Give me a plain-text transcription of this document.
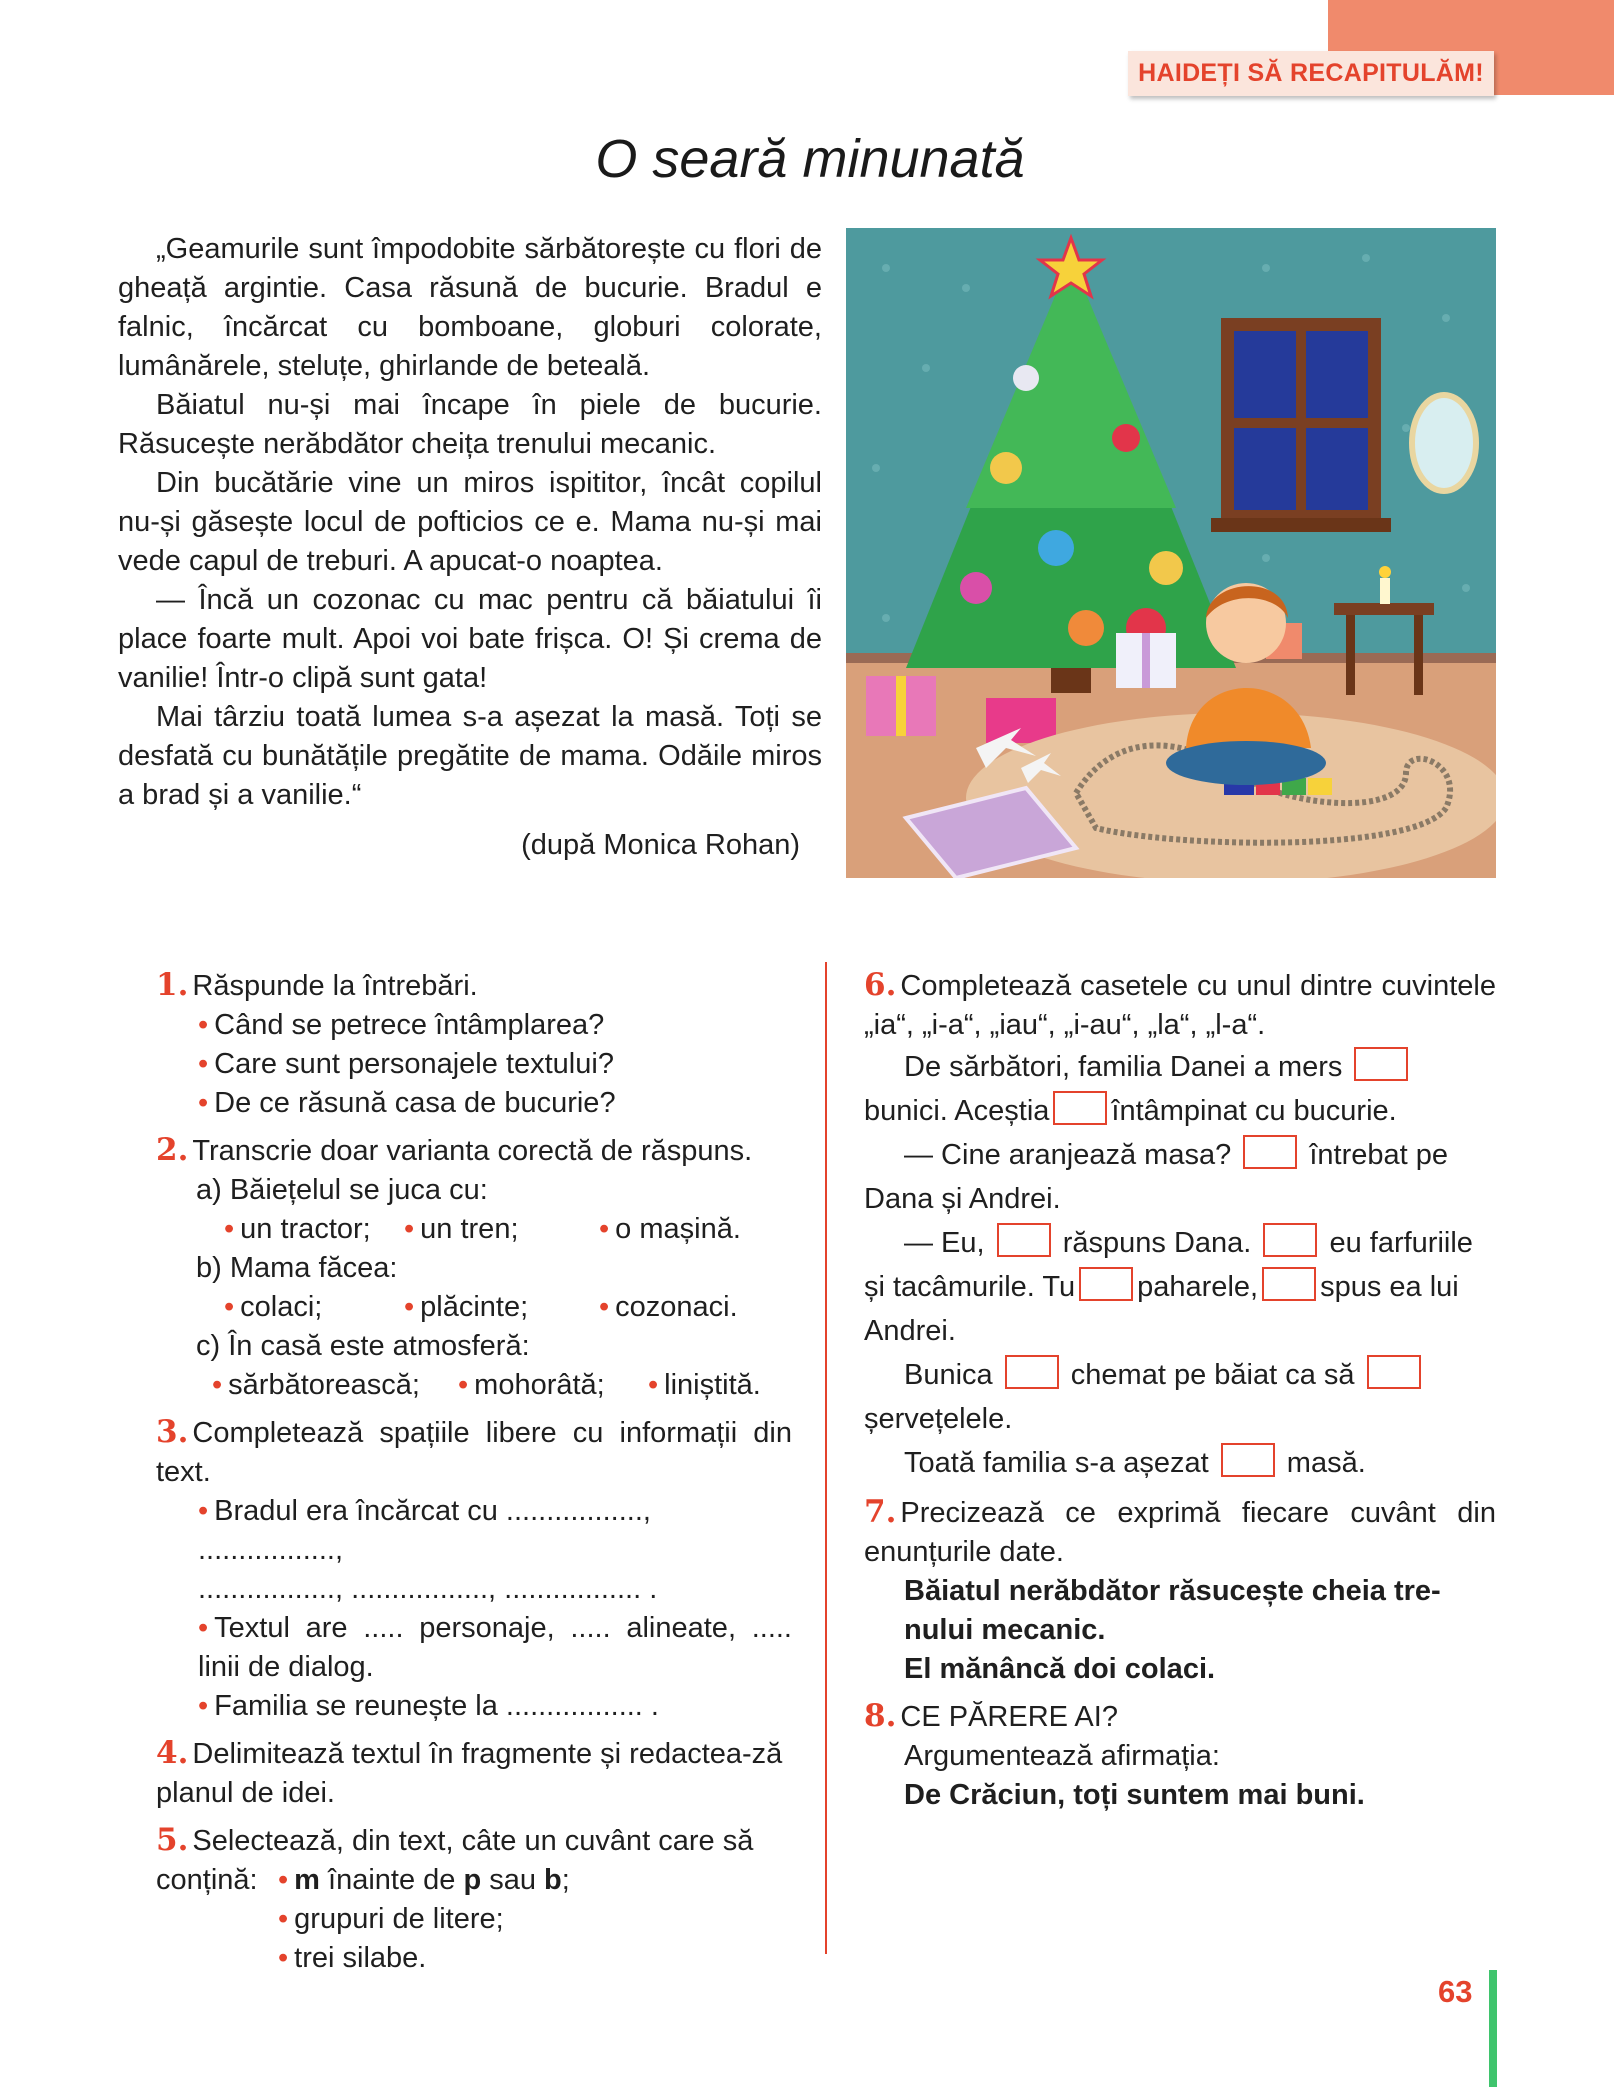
HAIDEȚI SĂ RECAPITULĂM!
O seară minunată

„Geamurile sunt împodobite sărbătorește cu flori de gheață argintie. Casa răsună de bucurie. Bradul e falnic, încărcat cu bomboane, globuri colorate, lumânărele, steluțe, ghirlande de beteală.

Băiatul nu-și mai încape în piele de bucurie. Răsucește nerăbdător cheița trenului mecanic.

Din bucătărie vine un miros ispititor, încât copilul nu-și găsește locul de pofticios ce e. Mama nu-și mai vede capul de treburi. A apucat-o noaptea.

— Încă un cozonac cu mac pentru că băiatului îi place foarte mult. Apoi voi bate frișca. O! Și crema de vanilie! Într-o clipă sunt gata!

Mai târziu toată lumea s-a așezat la masă. Toți se desfată cu bunătățile pregătite de mama. Odăile miros a brad și a vanilie.“

(după Monica Rohan)

1. Răspunde la întrebări.
• Când se petrece întâmplarea?
• Care sunt personajele textului?
• De ce răsună casa de bucurie?
2. Transcrie doar varianta corectă de răspuns.
a) Băiețelul se juca cu:
• un tractor;	• un tren;	• o mașină.
b) Mama făcea:
• colaci;	• plăcinte;	• cozonaci.
c) În casă este atmosferă:
• sărbătorească;	• mohorâtă;	• liniștită.
3. Completează spațiile libere cu informații din text.
• Bradul era încărcat cu ................., .................,
................., ................., ................. .
• Textul are ..... personaje, ..... alineate, ..... linii de dialog.
• Familia se reunește la ................. .
4. Delimitează textul în fragmente și redactea-ză planul de idei.
5. Selectează, din text, câte un cuvânt care să
conțină: • m înainte de p sau b;
• grupuri de litere;
• trei silabe.
6. Completează casetele cu unul dintre cuvintele „ia“, „i-a“, „iau“, „i-au“, „la“, „l-a“.
De sărbători, familia Danei a mers
bunici. Aceștia întâmpinat cu bucurie.
— Cine aranjează masa?	întrebat pe
Dana și Andrei.
— Eu,	răspuns Dana.	eu farfuriile
și tacâmurile. Tu paharele, spus ea lui
Andrei.
Bunica	chemat pe băiat ca să
șervețelele.
Toată familia s-a așezat	masă.
7. Precizează ce exprimă fiecare cuvânt din enunțurile date.
Băiatul nerăbdător răsucește cheia tre-nului mecanic.
El mănâncă doi colaci.
8. CE PĂRERE AI?
Argumentează afirmația:
De Crăciun, toți suntem mai buni.
63
